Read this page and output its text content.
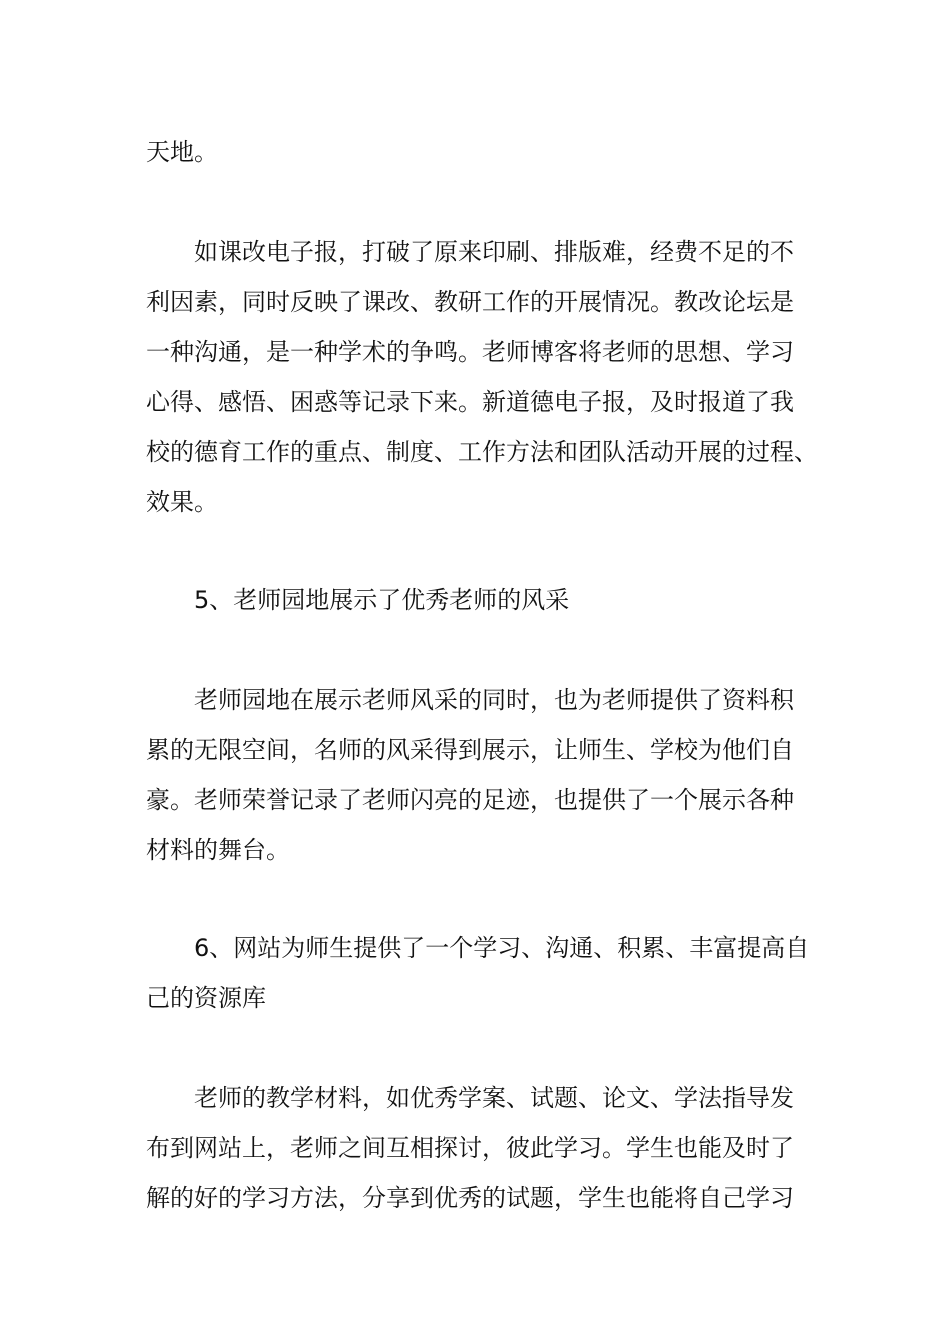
天地。

如课改电子报，打破了原来印刷、排版难，经费不足的不

利因素，同时反映了课改、教研工作的开展情况。教改论坛是

一种沟通，是一种学术的争鸣。老师博客将老师的思想、学习

心得、感悟、困惑等记录下来。新道德电子报，及时报道了我

校的德育工作的重点、制度、工作方法和团队活动开展的过程、

效果。

5、老师园地展示了优秀老师的风采

老师园地在展示老师风采的同时，也为老师提供了资料积

累的无限空间，名师的风采得到展示，让师生、学校为他们自

豪。老师荣誉记录了老师闪亮的足迹，也提供了一个展示各种

材料的舞台。

6、网站为师生提供了一个学习、沟通、积累、丰富提高自

己的资源库

老师的教学材料，如优秀学案、试题、论文、学法指导发

布到网站上，老师之间互相探讨，彼此学习。学生也能及时了

解的好的学习方法，分享到优秀的试题，学生也能将自己学习
